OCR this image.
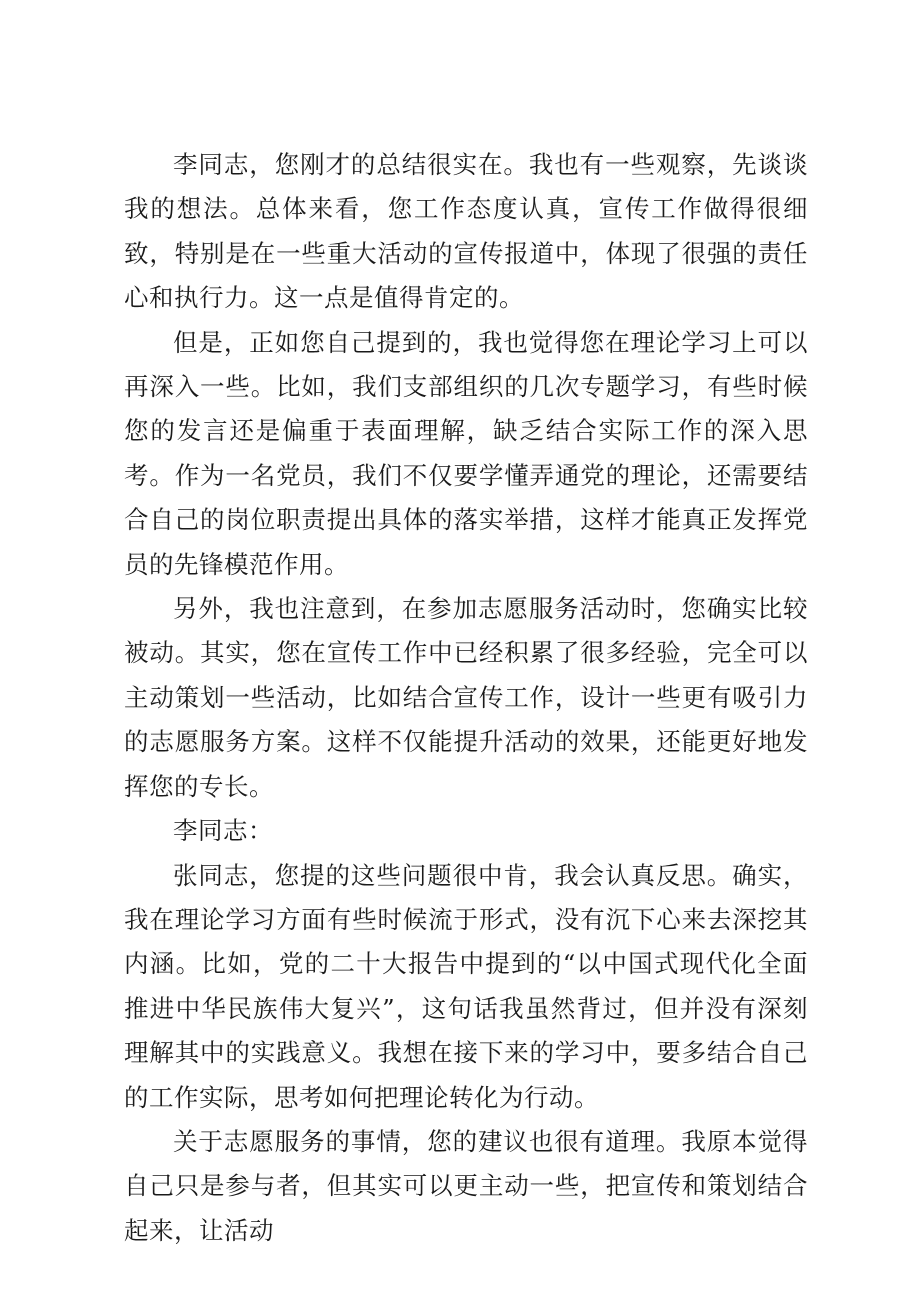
李同志，您刚才的总结很实在。我也有一些观察，先谈谈我的想法。总体来看，您工作态度认真，宣传工作做得很细致，特别是在一些重大活动的宣传报道中，体现了很强的责任心和执行力。这一点是值得肯定的。

但是，正如您自己提到的，我也觉得您在理论学习上可以再深入一些。比如，我们支部组织的几次专题学习，有些时候您的发言还是偏重于表面理解，缺乏结合实际工作的深入思考。作为一名党员，我们不仅要学懂弄通党的理论，还需要结合自己的岗位职责提出具体的落实举措，这样才能真正发挥党员的先锋模范作用。

另外，我也注意到，在参加志愿服务活动时，您确实比较被动。其实，您在宣传工作中已经积累了很多经验，完全可以主动策划一些活动，比如结合宣传工作，设计一些更有吸引力的志愿服务方案。这样不仅能提升活动的效果，还能更好地发挥您的专长。

李同志：

张同志，您提的这些问题很中肯，我会认真反思。确实，我在理论学习方面有些时候流于形式，没有沉下心来去深挖其内涵。比如，党的二十大报告中提到的“以中国式现代化全面推进中华民族伟大复兴”，这句话我虽然背过，但并没有深刻理解其中的实践意义。我想在接下来的学习中，要多结合自己的工作实际，思考如何把理论转化为行动。

关于志愿服务的事情，您的建议也很有道理。我原本觉得自己只是参与者，但其实可以更主动一些，把宣传和策划结合起来，让活动
